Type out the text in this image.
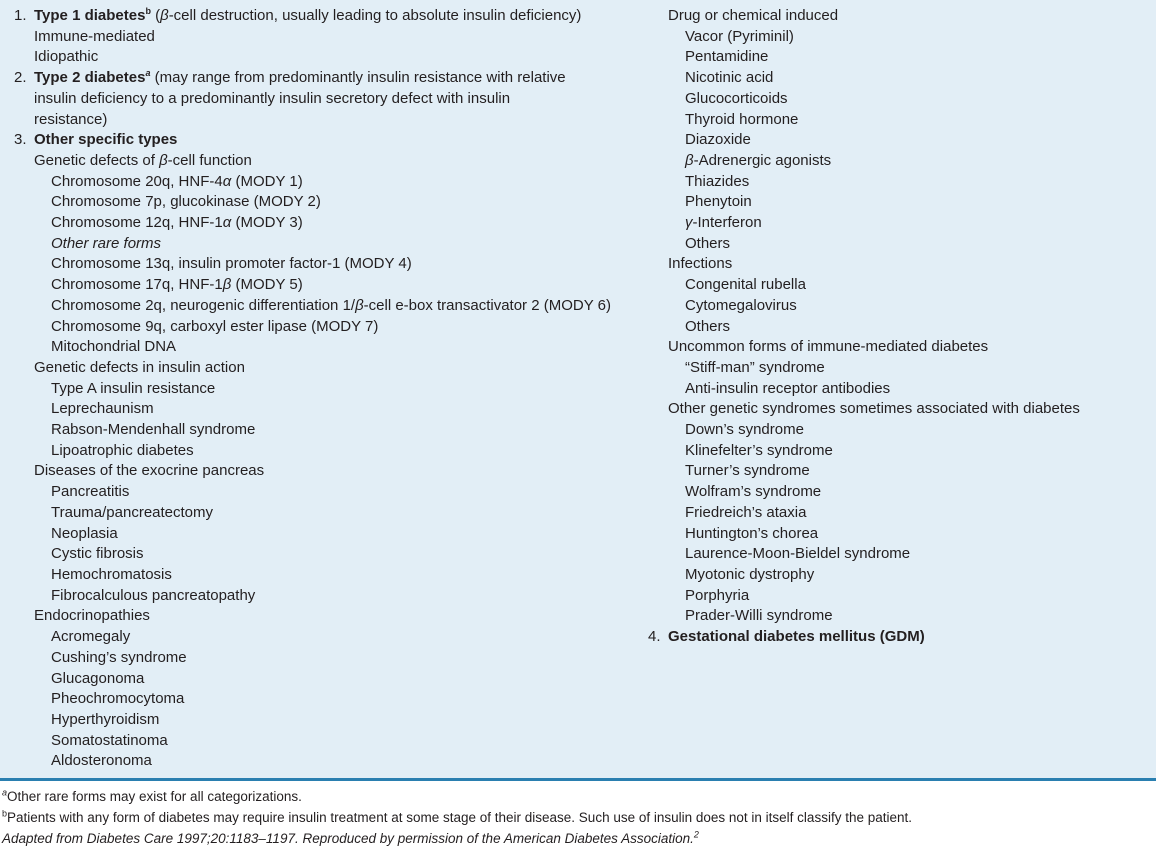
1. Type 1 diabetes$^b$ (β-cell destruction, usually leading to absolute insulin deficiency)
Immune-mediated
Idiopathic
2. Type 2 diabetes$^a$ (may range from predominantly insulin resistance with relative
insulin deficiency to a predominantly insulin secretory defect with insulin
resistance)
3. Other specific types
Genetic defects of β-cell function
Chromosome 20q, HNF-4α (MODY 1)
Chromosome 7p, glucokinase (MODY 2)
Chromosome 12q, HNF-1α (MODY 3)
Other rare forms
Chromosome 13q, insulin promoter factor-1 (MODY 4)
Chromosome 17q, HNF-1β (MODY 5)
Chromosome 2q, neurogenic differentiation 1/β-cell e-box transactivator 2 (MODY 6)
Chromosome 9q, carboxyl ester lipase (MODY 7)
Mitochondrial DNA
Genetic defects in insulin action
Type A insulin resistance
Leprechaunism
Rabson-Mendenhall syndrome
Lipoatrophic diabetes
Diseases of the exocrine pancreas
Pancreatitis
Trauma/pancreatectomy
Neoplasia
Cystic fibrosis
Hemochromatosis
Fibrocalculous pancreatopathy
Endocrinopathies
Acromegaly
Cushing’s syndrome
Glucagonoma
Pheochromocytoma
Hyperthyroidism
Somatostatinoma
Aldosteronoma
Drug or chemical induced
Vacor (Pyriminil)
Pentamidine
Nicotinic acid
Glucocorticoids
Thyroid hormone
Diazoxide
β-Adrenergic agonists
Thiazides
Phenytoin
γ-Interferon
Others
Infections
Congenital rubella
Cytomegalovirus
Others
Uncommon forms of immune-mediated diabetes
“Stiff-man” syndrome
Anti-insulin receptor antibodies
Other genetic syndromes sometimes associated with diabetes
Down’s syndrome
Klinefelter’s syndrome
Turner’s syndrome
Wolfram’s syndrome
Friedreich’s ataxia
Huntington’s chorea
Laurence-Moon-Bieldel syndrome
Myotonic dystrophy
Porphyria
Prader-Willi syndrome
4. Gestational diabetes mellitus (GDM)
$^a$Other rare forms may exist for all categorizations.
$^b$Patients with any form of diabetes may require insulin treatment at some stage of their disease. Such use of insulin does not in itself classify the patient.
Adapted from Diabetes Care 1997;20:1183–1197. Reproduced by permission of the American Diabetes Association.$^2$
